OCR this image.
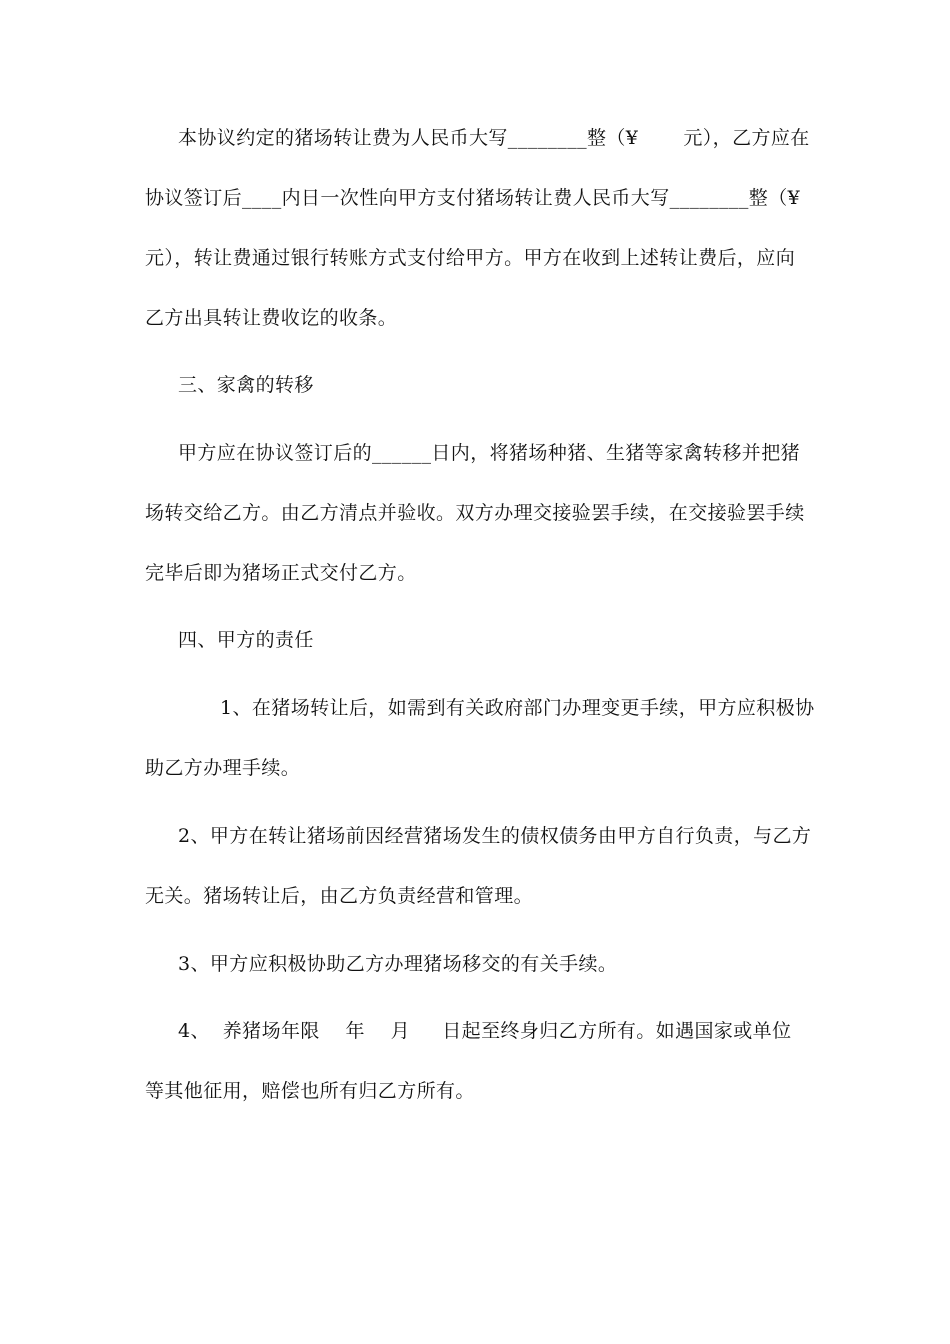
本协议约定的猪场转让费为人民币大写________整（¥       元），乙方应在
协议签订后____内日一次性向甲方支付猪场转让费人民币大写________整（¥
元），转让费通过银行转账方式支付给甲方。甲方在收到上述转让费后，应向
乙方出具转让费收讫的收条。
三、家禽的转移
甲方应在协议签订后的______日内，将猪场种猪、生猪等家禽转移并把猪
场转交给乙方。由乙方清点并验收。双方办理交接验罢手续，在交接验罢手续
完毕后即为猪场正式交付乙方。
四、甲方的责任
1、在猪场转让后，如需到有关政府部门办理变更手续，甲方应积极协
助乙方办理手续。
2、甲方在转让猪场前因经营猪场发生的债权债务由甲方自行负责，与乙方
无关。猪场转让后，由乙方负责经营和管理。
3、甲方应积极协助乙方办理猪场移交的有关手续。
4、  养猪场年限    年    月     日起至终身归乙方所有。如遇国家或单位
等其他征用，赔偿也所有归乙方所有。
